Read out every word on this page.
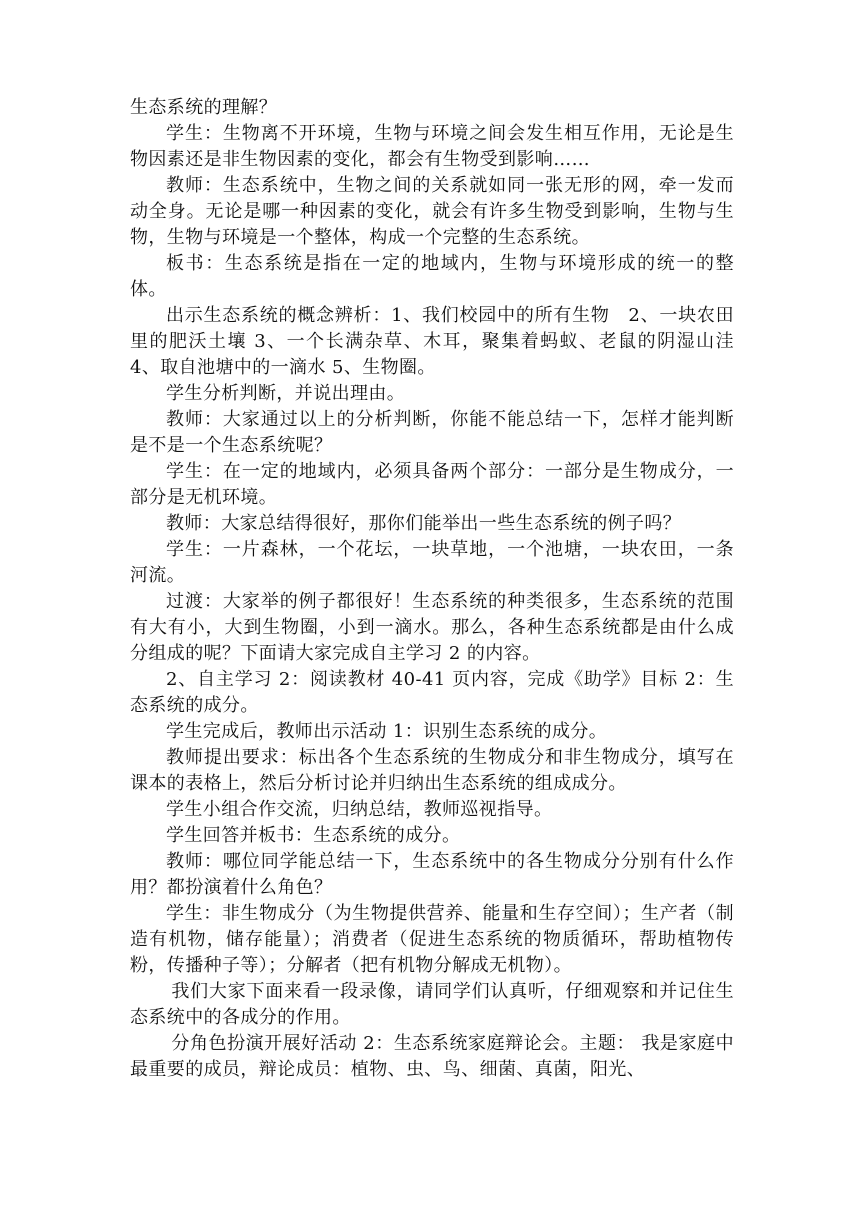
生态系统的理解？

学生：生物离不开环境，生物与环境之间会发生相互作用，无论是生物因素还是非生物因素的变化，都会有生物受到影响……

教师：生态系统中，生物之间的关系就如同一张无形的网，牵一发而动全身。无论是哪一种因素的变化，就会有许多生物受到影响，生物与生物，生物与环境是一个整体，构成一个完整的生态系统。

板书：生态系统是指在一定的地域内，生物与环境形成的统一的整体。

出示生态系统的概念辨析：1、我们校园中的所有生物　2、一块农田里的肥沃土壤 3、一个长满杂草、木耳，聚集着蚂蚁、老鼠的阴湿山洼 4、取自池塘中的一滴水 5、生物圈。

学生分析判断，并说出理由。

教师：大家通过以上的分析判断，你能不能总结一下，怎样才能判断是不是一个生态系统呢？

学生：在一定的地域内，必须具备两个部分：一部分是生物成分，一部分是无机环境。

教师：大家总结得很好，那你们能举出一些生态系统的例子吗？

学生：一片森林，一个花坛，一块草地，一个池塘，一块农田，一条河流。

过渡：大家举的例子都很好！生态系统的种类很多，生态系统的范围有大有小，大到生物圈，小到一滴水。那么，各种生态系统都是由什么成分组成的呢？下面请大家完成自主学习 2 的内容。

2、自主学习 2：阅读教材 40-41 页内容，完成《助学》目标 2：生态系统的成分。

学生完成后，教师出示活动 1：识别生态系统的成分。

教师提出要求：标出各个生态系统的生物成分和非生物成分，填写在课本的表格上，然后分析讨论并归纳出生态系统的组成成分。

学生小组合作交流，归纳总结，教师巡视指导。

学生回答并板书：生态系统的成分。

教师：哪位同学能总结一下，生态系统中的各生物成分分别有什么作用？都扮演着什么角色？

学生：非生物成分（为生物提供营养、能量和生存空间）；生产者（制造有机物，储存能量）；消费者（促进生态系统的物质循环，帮助植物传粉，传播种子等）；分解者（把有机物分解成无机物）。

我们大家下面来看一段录像，请同学们认真听，仔细观察和并记住生态系统中的各成分的作用。

分角色扮演开展好活动 2：生态系统家庭辩论会。主题： 我是家庭中最重要的成员，辩论成员：植物、虫、鸟、细菌、真菌，阳光、
